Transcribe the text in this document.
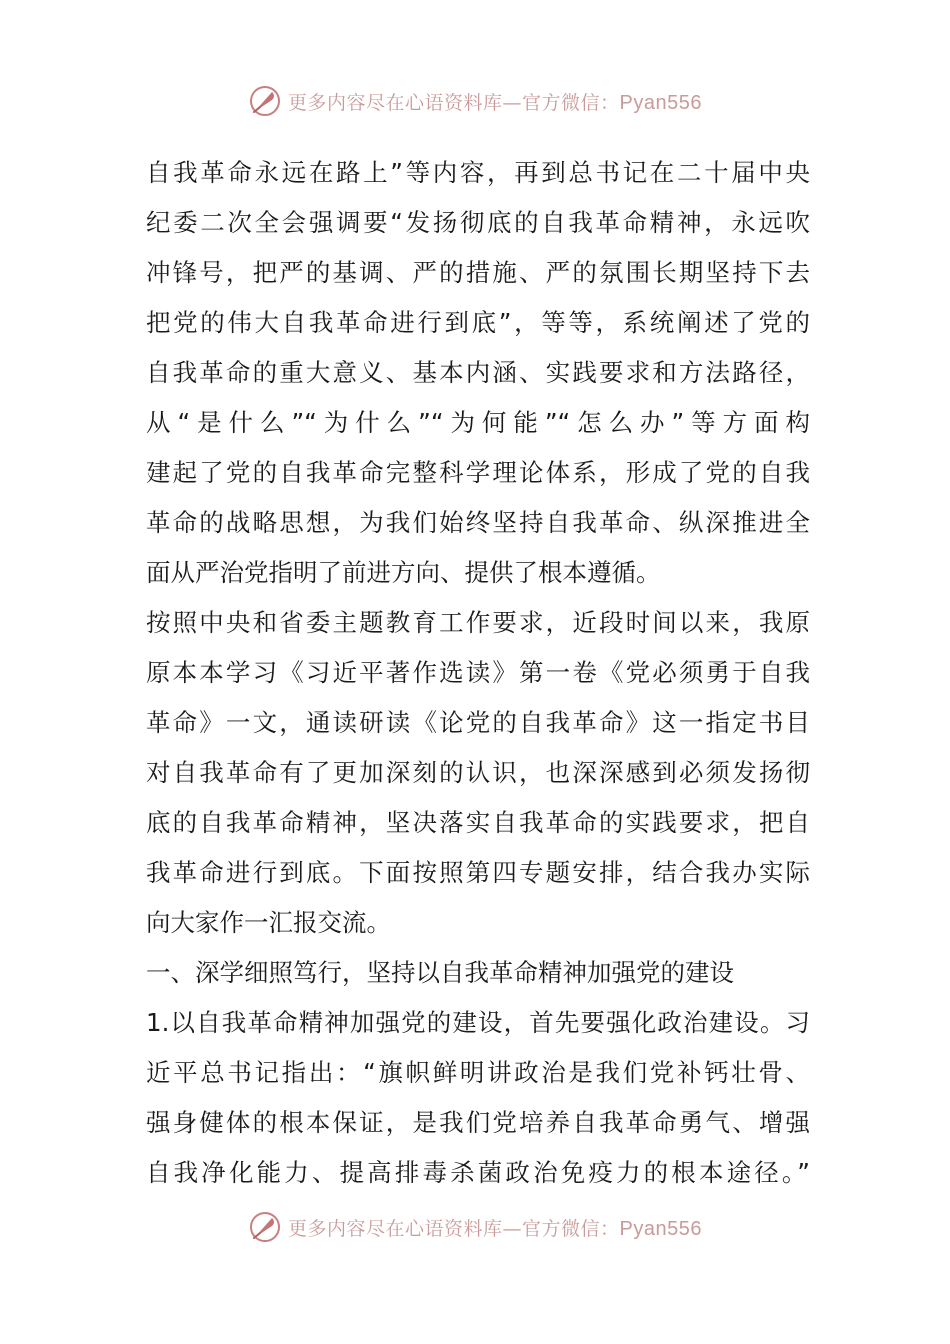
更多内容尽在心语资料库—官方微信：Pyan556
自我革命永远在路上”等内容，再到总书记在二十届中央
纪委二次全会强调要“发扬彻底的自我革命精神，永远吹
冲锋号，把严的基调、严的措施、严的氛围长期坚持下去
把党的伟大自我革命进行到底”，等等，系统阐述了党的
自我革命的重大意义、基本内涵、实践要求和方法路径，
从“是什么”“为什么”“为何能”“怎么办”等方面构
建起了党的自我革命完整科学理论体系，形成了党的自我
革命的战略思想，为我们始终坚持自我革命、纵深推进全
面从严治党指明了前进方向、提供了根本遵循。
按照中央和省委主题教育工作要求，近段时间以来，我原
原本本学习《习近平著作选读》第一卷《党必须勇于自我
革命》一文，通读研读《论党的自我革命》这一指定书目
对自我革命有了更加深刻的认识，也深深感到必须发扬彻
底的自我革命精神，坚决落实自我革命的实践要求，把自
我革命进行到底。下面按照第四专题安排，结合我办实际
向大家作一汇报交流。
一、深学细照笃行，坚持以自我革命精神加强党的建设
1.以自我革命精神加强党的建设，首先要强化政治建设。习
近平总书记指出：“旗帜鲜明讲政治是我们党补钙壮骨、
强身健体的根本保证，是我们党培养自我革命勇气、增强
自我净化能力、提高排毒杀菌政治免疫力的根本途径。”
更多内容尽在心语资料库—官方微信：Pyan556
